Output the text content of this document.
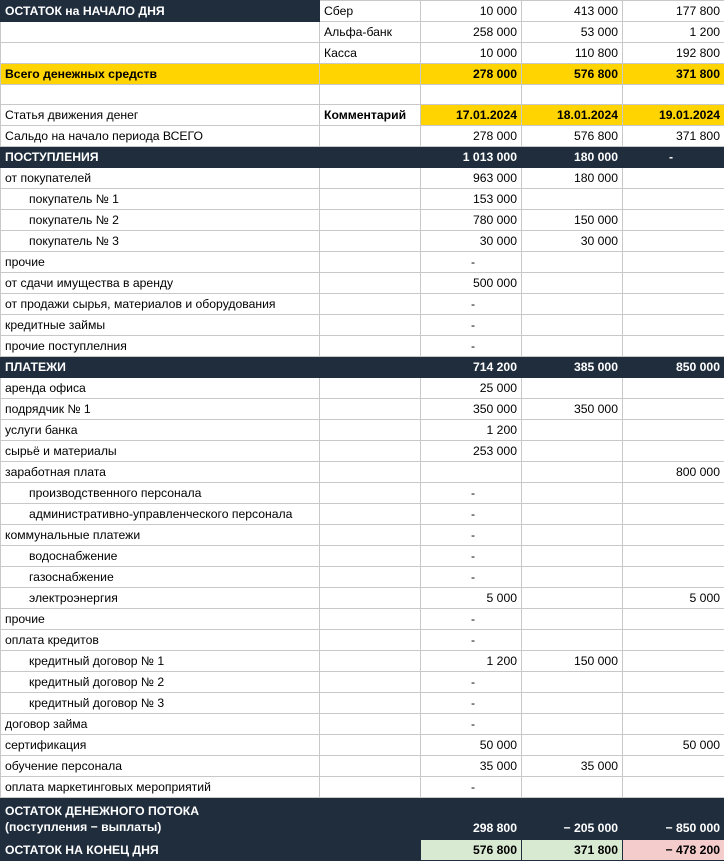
ОСТАТОК на НАЧАЛО ДНЯ	Сбер	10 000	413 000	177 800
	Альфа-банк	258 000	53 000	1 200
	Касса	10 000	110 800	192 800
Всего денежных средств		278 000	576 800	371 800

Статья движения денег	Комментарий	17.01.2024	18.01.2024	19.01.2024
Сальдо на начало периода ВСЕГО		278 000	576 800	371 800
ПОСТУПЛЕНИЯ		1 013 000	180 000	-
от покупателей		963 000	180 000	
покупатель № 1		153 000		
покупатель № 2		780 000	150 000	
покупатель № 3		30 000	30 000	
прочие		-		
от сдачи имущества в аренду		500 000		
от продажи сырья, материалов и оборудования		-		
кредитные займы		-		
прочие поступлелния		-		
ПЛАТЕЖИ		714 200	385 000	850 000
аренда офиса		25 000		
подрядчик № 1		350 000	350 000	
услуги банка		1 200		
сырьё и материалы		253 000		
заработная плата				800 000
производственного персонала		-		
административно-управленческого персонала		-		
коммунальные платежи		-		
водоснабжение		-		
газоснабжение		-		
электроэнергия		5 000		5 000
прочие		-		
оплата кредитов		-		
кредитный договор № 1		1 200	150 000	
кредитный договор № 2		-		
кредитный договор № 3		-		
договор займа		-		
сертификация		50 000		50 000
обучение персонала		35 000	35 000	
оплата маркетинговых мероприятий		-		
ОСТАТОК ДЕНЕЖНОГО ПОТОКА
(поступления − выплаты)		298 800	− 205 000	− 850 000
ОСТАТОК НА КОНЕЦ ДНЯ		576 800	371 800	− 478 200
